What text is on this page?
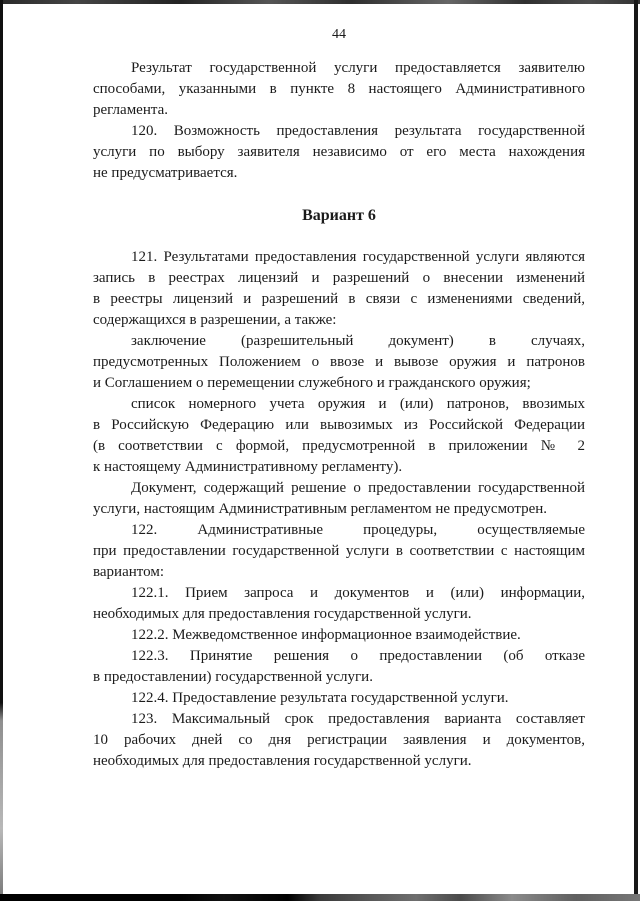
44
Результат государственной услуги предоставляется заявителю
способами, указанными в пункте 8 настоящего Административного
регламента.
120. Возможность предоставления результата государственной
услуги по выбору заявителя независимо от его места нахождения
не предусматривается.
Вариант 6
121. Результатами предоставления государственной услуги являются
запись в реестрах лицензий и разрешений о внесении изменений
в реестры лицензий и разрешений в связи с изменениями сведений,
содержащихся в разрешении, а также:
заключение (разрешительный документ) в случаях,
предусмотренных Положением о ввозе и вывозе оружия и патронов
и Соглашением о перемещении служебного и гражданского оружия;
список номерного учета оружия и (или) патронов, ввозимых
в Российскую Федерацию или вывозимых из Российской Федерации
(в соответствии с формой, предусмотренной в приложении № 2
к настоящему Административному регламенту).
Документ, содержащий решение о предоставлении государственной
услуги, настоящим Административным регламентом не предусмотрен.
122. Административные процедуры, осуществляемые
при предоставлении государственной услуги в соответствии с настоящим
вариантом:
122.1. Прием запроса и документов и (или) информации,
необходимых для предоставления государственной услуги.
122.2. Межведомственное информационное взаимодействие.
122.3. Принятие решения о предоставлении (об отказе
в предоставлении) государственной услуги.
122.4. Предоставление результата государственной услуги.
123. Максимальный срок предоставления варианта составляет
10 рабочих дней со дня регистрации заявления и документов,
необходимых для предоставления государственной услуги.
